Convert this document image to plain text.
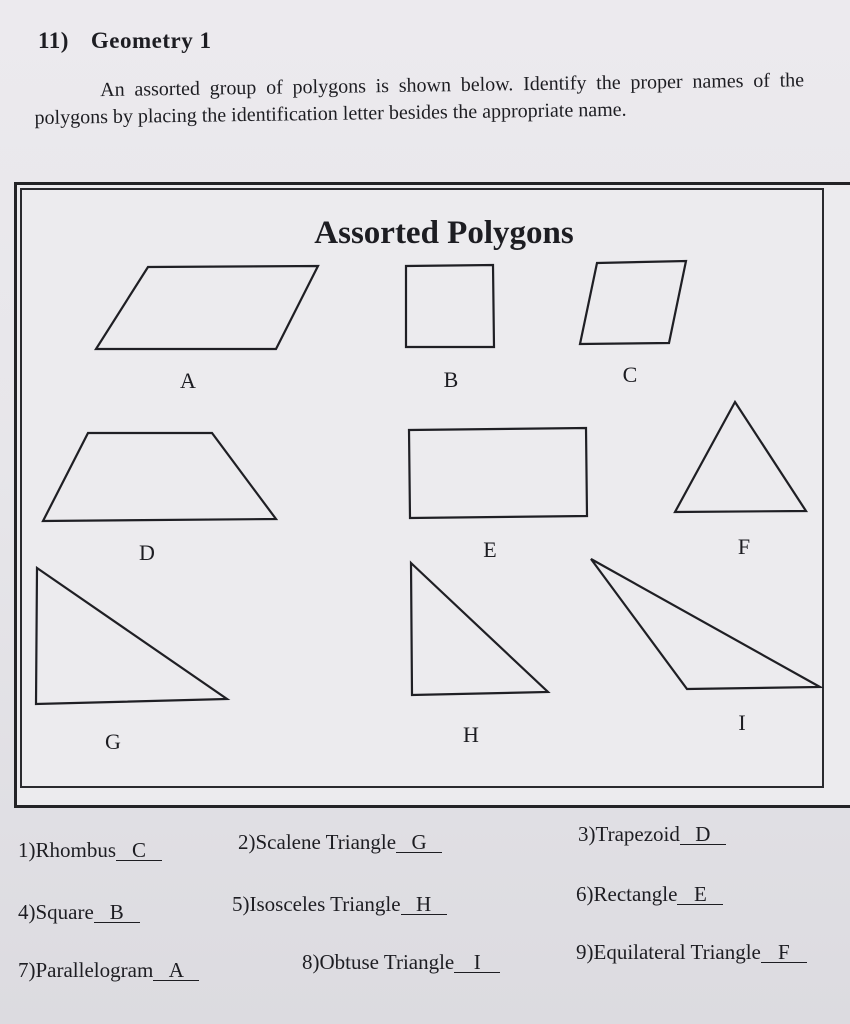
11) Geometry 1

An assorted group of polygons is shown below. Identify the proper names of the polygons by placing the identification letter besides the appropriate name.

Assorted Polygons
A	B	C
D	E	F
G	H	I
1)Rhombus C	2)Scalene Triangle G	3)Trapezoid D
4)Square B	5)Isosceles Triangle H	6)Rectangle E
7)Parallelogram A	8)Obtuse Triangle I	9)Equilateral Triangle F
